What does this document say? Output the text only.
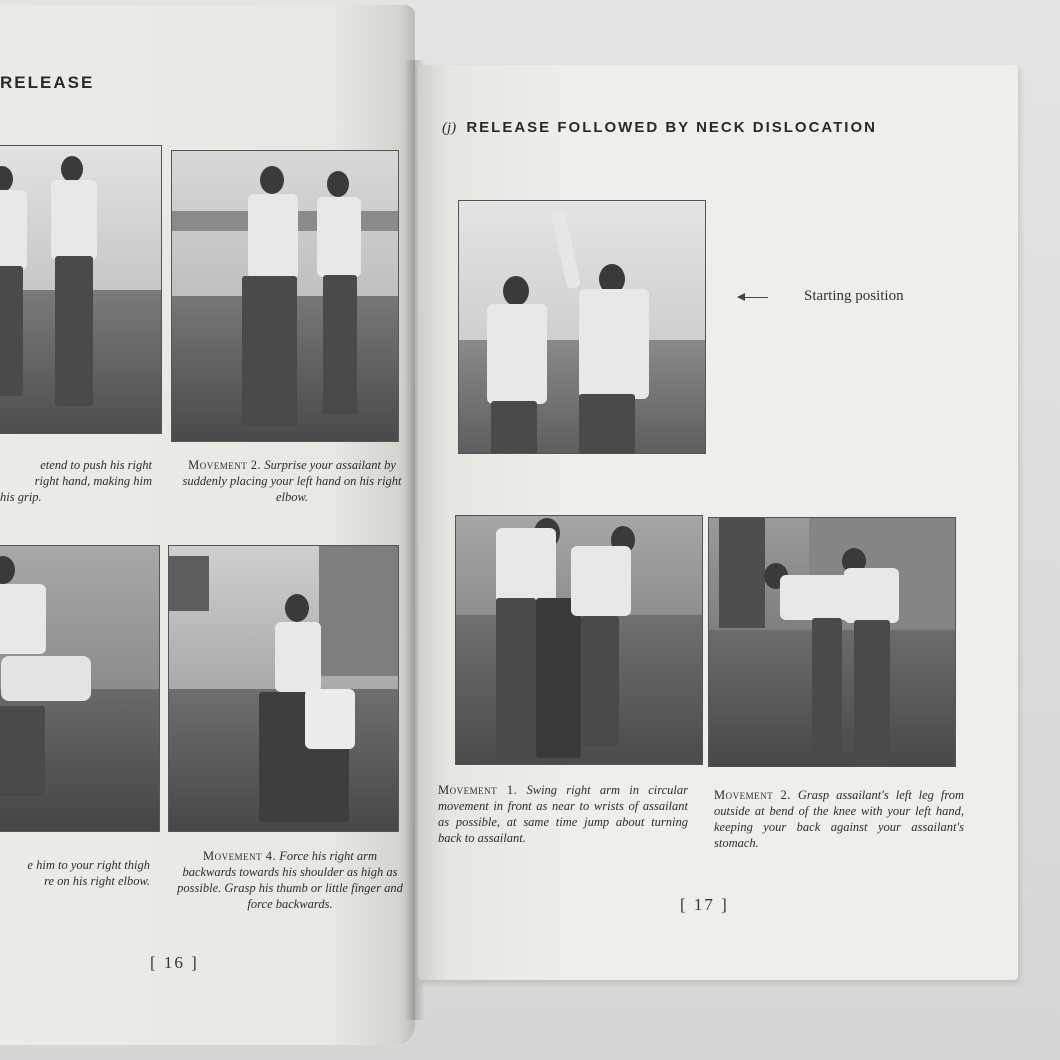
RELEASE
etend to push his right
right hand, making him
his grip.
Movement 2. Surprise your assailant by suddenly placing your left hand on his right elbow.
e him to your right thigh
re on his right elbow.
Movement 4. Force his right arm backwards towards his shoulder as high as possible. Grasp his thumb or little finger and force backwards.
[ 16 ]
(j) RELEASE FOLLOWED BY NECK DISLOCATION
Starting position
Movement 1. Swing right arm in circular movement in front as near to wrists of assailant as possible, at same time jump about turning back to assailant.
Movement 2. Grasp assailant's left leg from outside at bend of the knee with your left hand, keeping your back against your assailant's stomach.
[ 17 ]
